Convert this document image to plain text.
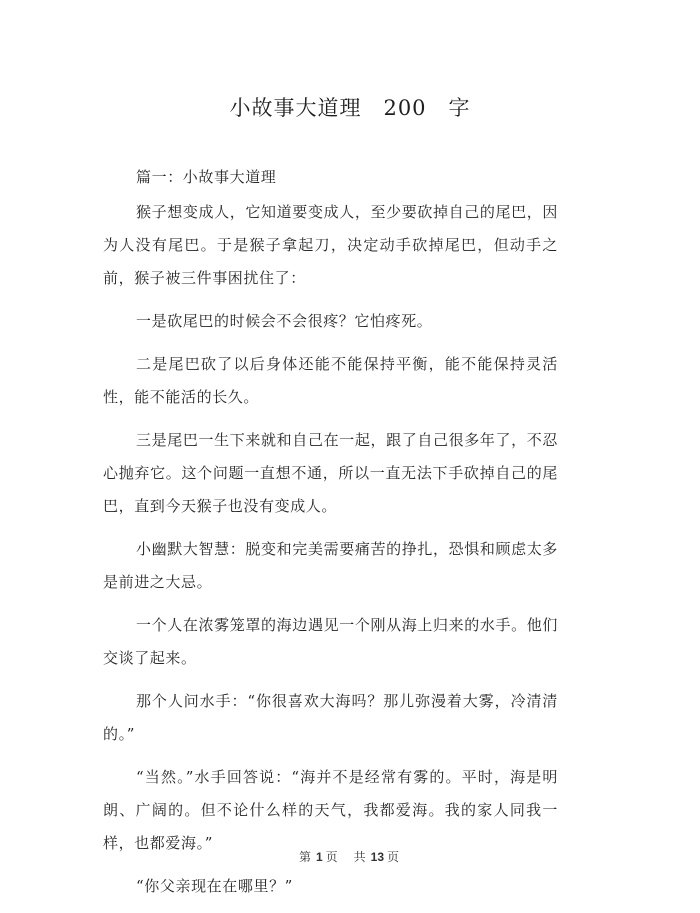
小故事大道理　200　字

篇一：小故事大道理

猴子想变成人，它知道要变成人，至少要砍掉自己的尾巴，因为人没有尾巴。于是猴子拿起刀，决定动手砍掉尾巴，但动手之前，猴子被三件事困扰住了：

一是砍尾巴的时候会不会很疼？它怕疼死。

二是尾巴砍了以后身体还能不能保持平衡，能不能保持灵活性，能不能活的长久。

三是尾巴一生下来就和自己在一起，跟了自己很多年了，不忍心抛弃它。这个问题一直想不通，所以一直无法下手砍掉自己的尾巴，直到今天猴子也没有变成人。

小幽默大智慧：脱变和完美需要痛苦的挣扎，恐惧和顾虑太多是前进之大忌。

一个人在浓雾笼罩的海边遇见一个刚从海上归来的水手。他们交谈了起来。

那个人问水手：“你很喜欢大海吗？那儿弥漫着大雾，冷清清的。”

“当然。”水手回答说：“海并不是经常有雾的。平时，海是明朗、广阔的。但不论什么样的天气，我都爱海。我的家人同我一样，也都爱海。”

“你父亲现在在哪里？”

第 1 页　共 13 页
